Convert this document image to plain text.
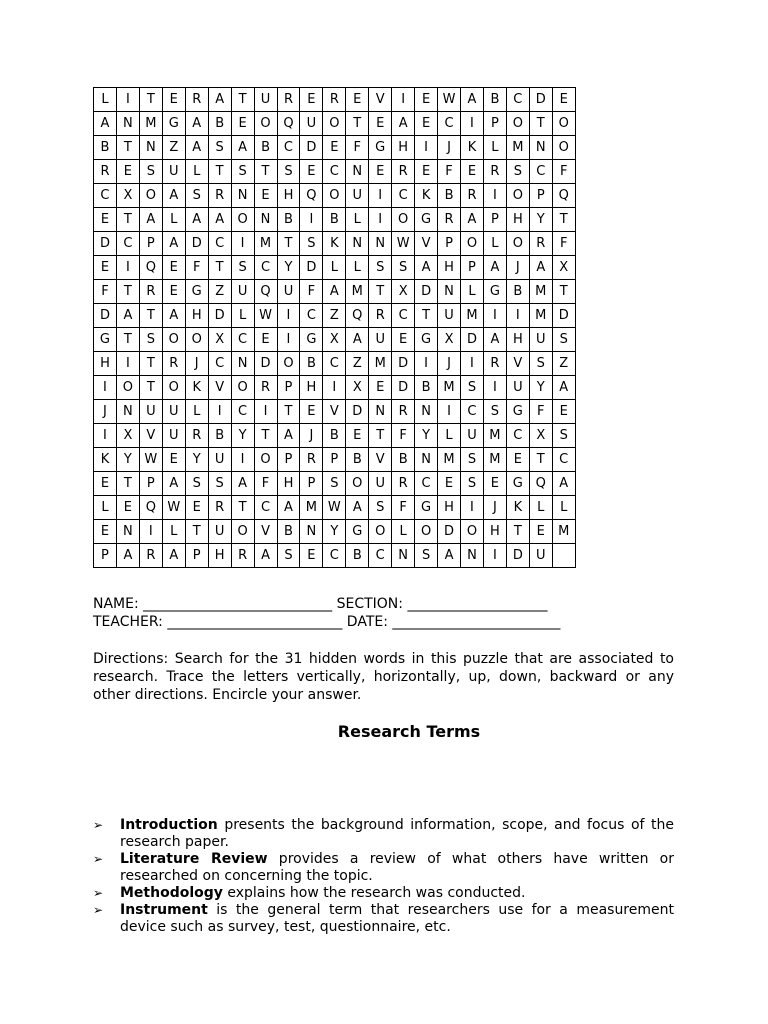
L	I	T	E	R	A	T	U	R	E	R	E	V	I	E	W	A	B	C	D	E
A	N	M	G	A	B	E	O	Q	U	O	T	E	A	E	C	I	P	O	T	O
B	T	N	Z	A	S	A	B	C	D	E	F	G	H	I	J	K	L	M	N	O
R	E	S	U	L	T	S	T	S	E	C	N	E	R	E	F	E	R	S	C	F
C	X	O	A	S	R	N	E	H	Q	O	U	I	C	K	B	R	I	O	P	Q
E	T	A	L	A	A	O	N	B	I	B	L	I	O	G	R	A	P	H	Y	T
D	C	P	A	D	C	I	M	T	S	K	N	N	W	V	P	O	L	O	R	F
E	I	Q	E	F	T	S	C	Y	D	L	L	S	S	A	H	P	A	J	A	X
F	T	R	E	G	Z	U	Q	U	F	A	M	T	X	D	N	L	G	B	M	T
D	A	T	A	H	D	L	W	I	C	Z	Q	R	C	T	U	M	I	I	M	D
G	T	S	O	O	X	C	E	I	G	X	A	U	E	G	X	D	A	H	U	S
H	I	T	R	J	C	N	D	O	B	C	Z	M	D	I	J	I	R	V	S	Z
I	O	T	O	K	V	O	R	P	H	I	X	E	D	B	M	S	I	U	Y	A
J	N	U	U	L	I	C	I	T	E	V	D	N	R	N	I	C	S	G	F	E
I	X	V	U	R	B	Y	T	A	J	B	E	T	F	Y	L	U	M	C	X	S
K	Y	W	E	Y	U	I	O	P	R	P	B	V	B	N	M	S	M	E	T	C
E	T	P	A	S	S	A	F	H	P	S	O	U	R	C	E	S	E	G	Q	A
L	E	Q	W	E	R	T	C	A	M	W	A	S	F	G	H	I	J	K	L	L
E	N	I	L	T	U	O	V	B	N	Y	G	O	L	O	D	O	H	T	E	M
P	A	R	A	P	H	R	A	S	E	C	B	C	N	S	A	N	I	D	U	
NAME: ___________________________ SECTION: ____________________
TEACHER: _________________________ DATE: ________________________
Directions: Search for the 31 hidden words in this puzzle that are associated to research. Trace the letters vertically, horizontally, up, down, backward or any other directions. Encircle your answer.
Research Terms
➢ Introduction presents the background information, scope, and focus of the research paper.
➢ Literature Review provides a review of what others have written or researched on concerning the topic.
➢ Methodology explains how the research was conducted.
➢ Instrument is the general term that researchers use for a measurement device such as survey, test, questionnaire, etc.
